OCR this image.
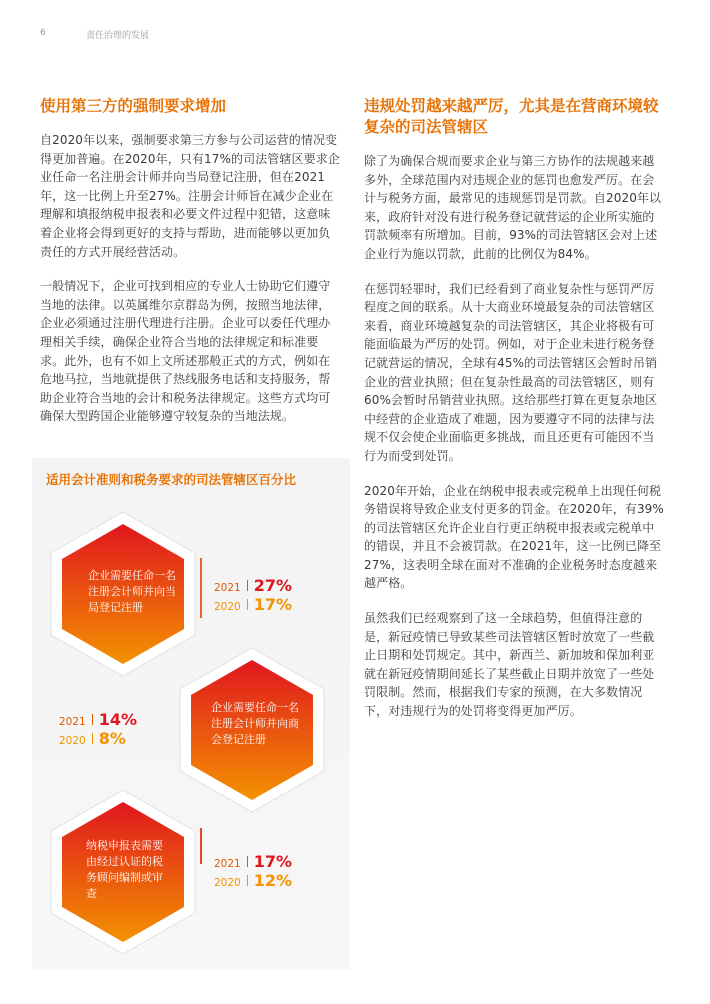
6	责任治理的发展
使用第三方的强制要求增加

自2020年以来，强制要求第三方参与公司运营的情况变得更加普遍。在2020年，只有17%的司法管辖区要求企业任命一名注册会计师并向当局登记注册，但在2021年，这一比例上升至27%。注册会计师旨在减少企业在理解和填报纳税申报表和必要文件过程中犯错，这意味着企业将会得到更好的支持与帮助，进而能够以更加负责任的方式开展经营活动。

一般情况下，企业可找到相应的专业人士协助它们遵守当地的法律。以英属维尔京群岛为例，按照当地法律，企业必须通过注册代理进行注册。企业可以委任代理办理相关手续，确保企业符合当地的法律规定和标准要求。此外，也有不如上文所述那般正式的方式，例如在危地马拉，当地就提供了热线服务电话和支持服务，帮助企业符合当地的会计和税务法律规定。这些方式均可确保大型跨国企业能够遵守较复杂的当地法规。

违规处罚越来越严厉，尤其是在营商环境较复杂的司法管辖区

除了为确保合规而要求企业与第三方协作的法规越来越多外，全球范围内对违规企业的惩罚也愈发严厉。在会计与税务方面，最常见的违规惩罚是罚款。自2020年以来，政府针对没有进行税务登记就营运的企业所实施的罚款频率有所增加。目前，93%的司法管辖区会对上述企业行为施以罚款，此前的比例仅为84%。

在惩罚轻罪时，我们已经看到了商业复杂性与惩罚严厉程度之间的联系。从十大商业环境最复杂的司法管辖区来看，商业环境越复杂的司法管辖区，其企业将极有可能面临最为严厉的处罚。例如，对于企业未进行税务登记就营运的情况，全球有45%的司法管辖区会暂时吊销企业的营业执照；但在复杂性最高的司法管辖区，则有60%会暂时吊销营业执照。这给那些打算在更复杂地区中经营的企业造成了难题，因为要遵守不同的法律与法规不仅会使企业面临更多挑战，而且还更有可能因不当行为而受到处罚。

2020年开始，企业在纳税申报表或完税单上出现任何税务错误将导致企业支付更多的罚金。在2020年，有39%的司法管辖区允许企业自行更正纳税申报表或完税单中的错误，并且不会被罚款。在2021年，这一比例已降至27%，这表明全球在面对不准确的企业税务时态度越来越严格。

虽然我们已经观察到了这一全球趋势，但值得注意的是，新冠疫情已导致某些司法管辖区暂时放宽了一些截止日期和处罚规定。其中，新西兰、新加坡和保加利亚就在新冠疫情期间延长了某些截止日期并放宽了一些处罚限制。然而，根据我们专家的预测，在大多数情况下，对违规行为的处罚将变得更加严厉。

适用会计准则和税务要求的司法管辖区百分比
企业需要任命一名注册会计师并向当局登记注册
2021 27%
2020 17%
企业需要任命一名注册会计师并向商会登记注册
2021 14%
2020 8%
纳税申报表需要由经过认证的税务顾问编制或审查
2021 17%
2020 12%
